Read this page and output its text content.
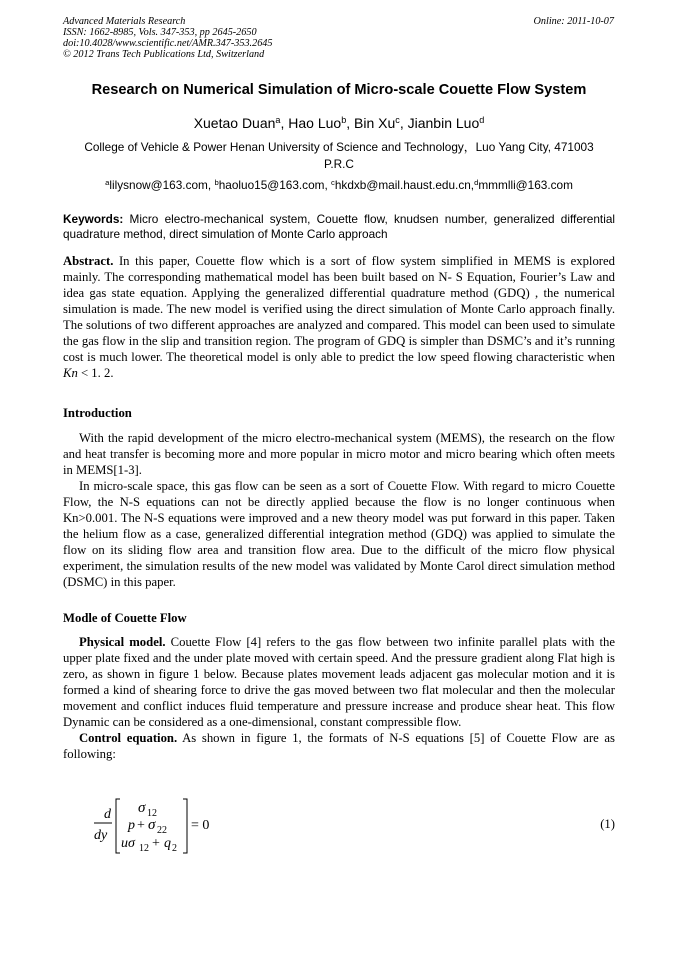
Advanced Materials Research	Online: 2011-10-07
ISSN: 1662-8985, Vols. 347-353, pp 2645-2650
doi:10.4028/www.scientific.net/AMR.347-353.2645
© 2012 Trans Tech Publications Ltd, Switzerland
Research on Numerical Simulation of Micro-scale Couette Flow System
Xuetao Duan$^a$, Hao Luo$^b$, Bin Xu$^c$, Jianbin Luo$^d$
College of Vehicle & Power Henan University of Science and Technology，Luo Yang City, 471003
P.R.C
$^a$lilysnow@163.com, $^b$haoluo15@163.com, $^c$hkdxb@mail.haust.edu.cn,$^d$mmmlli@163.com
Keywords: Micro electro-mechanical system, Couette flow, knudsen number, generalized differential quadrature method, direct simulation of Monte Carlo approach
Abstract. In this paper, Couette flow which is a sort of flow system simplified in MEMS is explored mainly. The corresponding mathematical model has been built based on N- S Equation, Fourier’s Law and idea gas state equation. Applying the generalized differential quadrature method (GDQ) , the numerical simulation is made. The new model is verified using the direct simulation of Monte Carlo approach finally. The solutions of two different approaches are analyzed and compared. This model can been used to simulate the gas flow in the slip and transition region. The program of GDQ is simpler than DSMC’s and it’s running cost is much lower. The theoretical model is only able to predict the low speed flowing characteristic when Kn < 1. 2.
Introduction

With the rapid development of the micro electro-mechanical system (MEMS), the research on the flow and heat transfer is becoming more and more popular in micro motor and micro bearing which often meets in MEMS[1-3].

In micro-scale space, this gas flow can be seen as a sort of Couette Flow. With regard to micro Couette Flow, the N-S equations can not be directly applied because the flow is no longer continuous when Kn>0.001. The N-S equations were improved and a new theory model was put forward in this paper. Taken the helium flow as a case, generalized differential integration method (GDQ) was applied to simulate the flow on its sliding flow area and transition flow area. Due to the difficult of the micro flow physical experiment, the simulation results of the new model was validated by Monte Carol direct simulation method (DSMC) in this paper.

Modle of Couette Flow

Physical model. Couette Flow [4] refers to the gas flow between two infinite parallel plats with the upper plate fixed and the under plate moved with certain speed. And the pressure gradient along Flat high is zero, as shown in figure 1 below. Because plates movement leads adjacent gas molecular motion and it is formed a kind of shearing force to drive the gas moved between two flat molecular and then the molecular movement and conflict induces fluid temperature and pressure increase and produce shear heat. This flow Dynamic can be considered as a one-dimensional, constant compressible flow.

Control equation. As shown in figure 1, the formats of N-S equations [5] of Couette Flow are as following:

d
dy
σ 12
p + σ 22
uσ 12 + q 2
= 0	(1)
